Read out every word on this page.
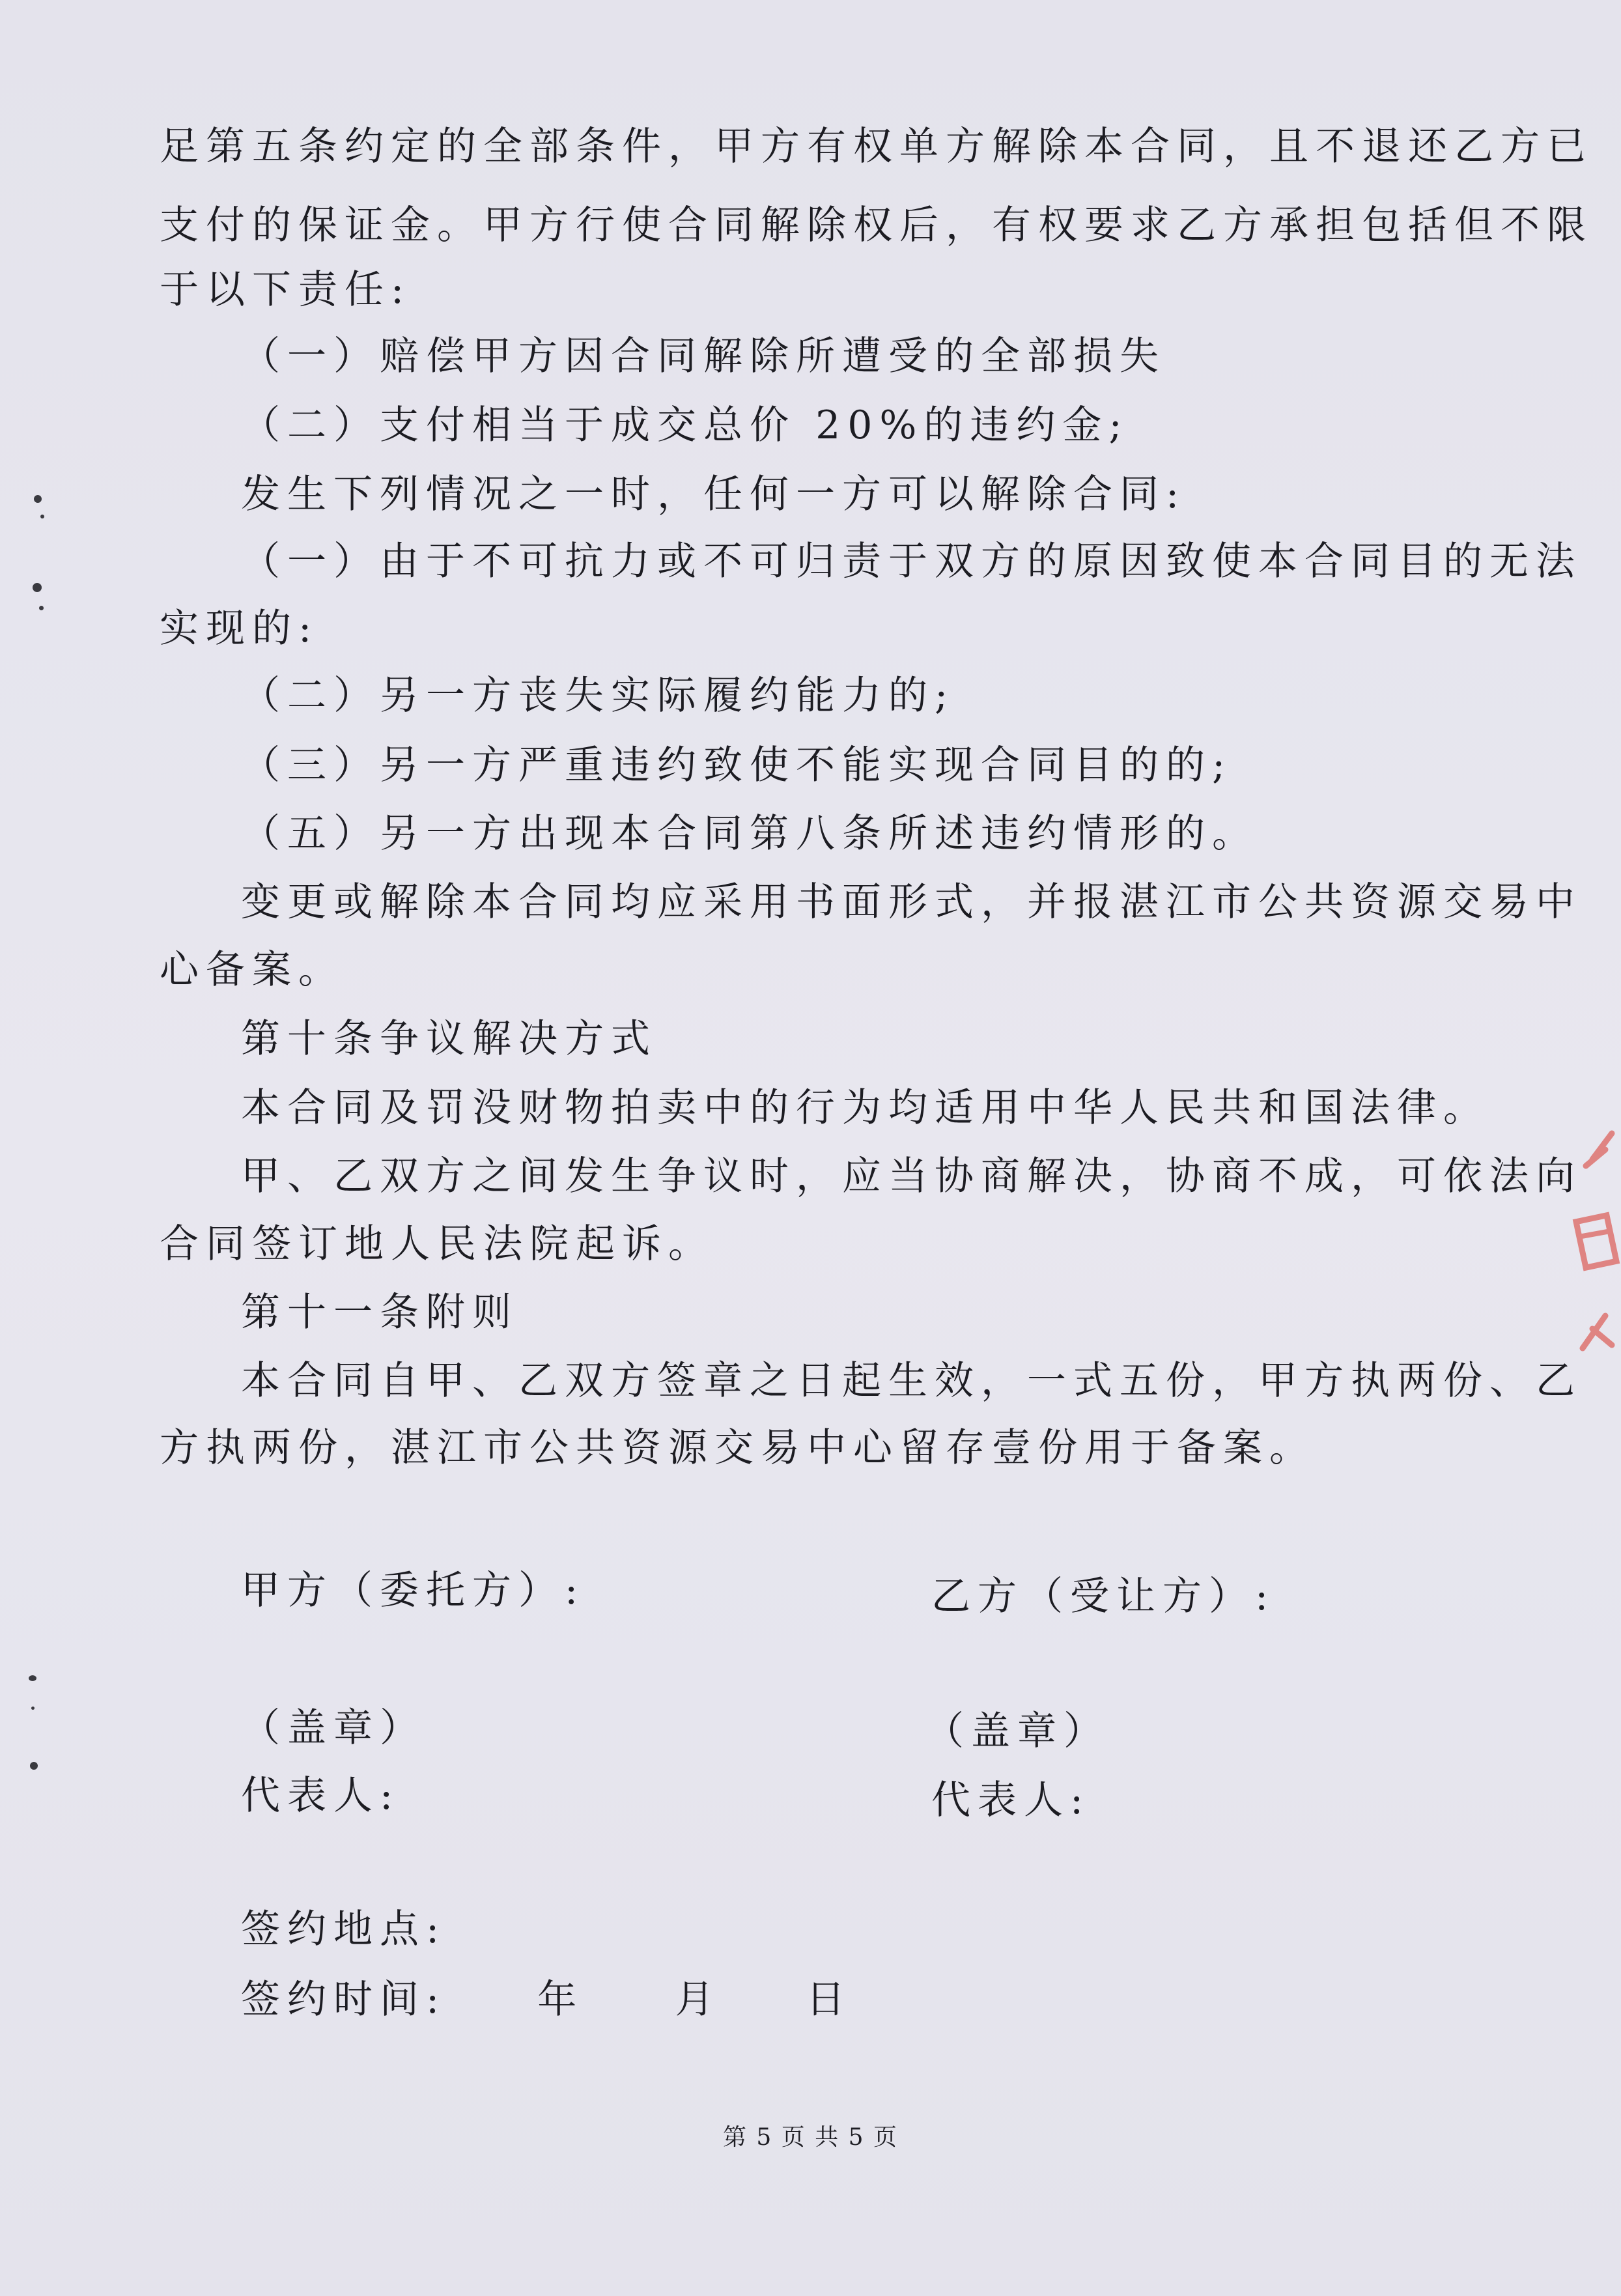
足第五条约定的全部条件，甲方有权单方解除本合同，且不退还乙方已

支付的保证金。甲方行使合同解除权后，有权要求乙方承担包括但不限

于以下责任:

（一）赔偿甲方因合同解除所遭受的全部损失

（二）支付相当于成交总价 20%的违约金;

发生下列情况之一时，任何一方可以解除合同:

（一）由于不可抗力或不可归责于双方的原因致使本合同目的无法

实现的:

（二）另一方丧失实际履约能力的;

（三）另一方严重违约致使不能实现合同目的的;

（五）另一方出现本合同第八条所述违约情形的。

变更或解除本合同均应采用书面形式，并报湛江市公共资源交易中

心备案。

第十条争议解决方式

本合同及罚没财物拍卖中的行为均适用中华人民共和国法律。

甲、乙双方之间发生争议时，应当协商解决，协商不成，可依法向

合同签订地人民法院起诉。

第十一条附则

本合同自甲、乙双方签章之日起生效，一式五份，甲方执两份、乙

方执两份，湛江市公共资源交易中心留存壹份用于备案。

甲方（委托方）:	乙方（受让方）:
（盖章）	（盖章）
代表人:	代表人:
签约地点:
签约时间: 年 月 日
第 5 页 共 5 页
